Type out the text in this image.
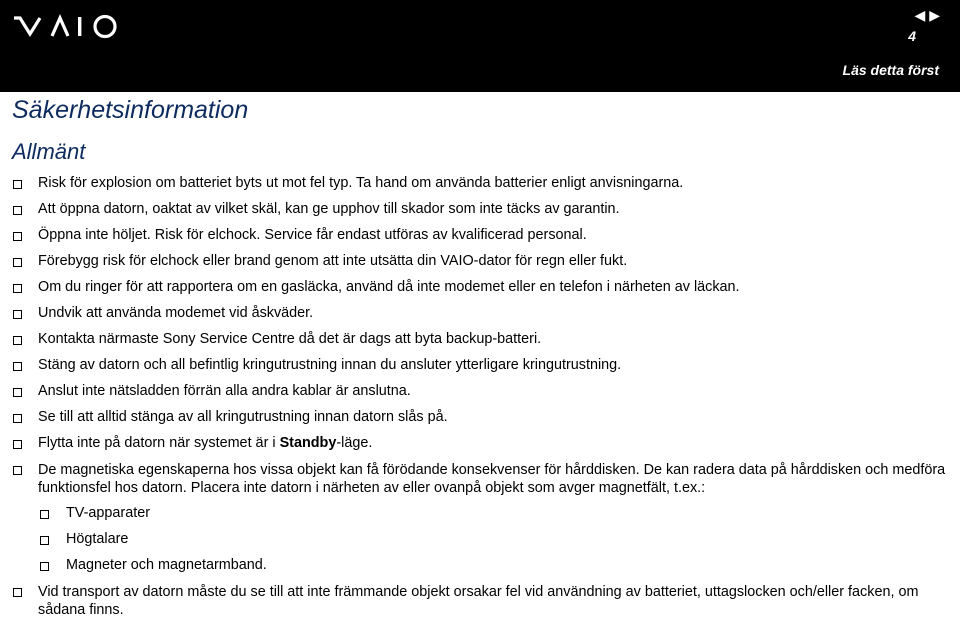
◀ ▶
4
Läs detta först
Säkerhetsinformation
Allmänt
Risk för explosion om batteriet byts ut mot fel typ. Ta hand om använda batterier enligt anvisningarna.
Att öppna datorn, oaktat av vilket skäl, kan ge upphov till skador som inte täcks av garantin.
Öppna inte höljet. Risk för elchock. Service får endast utföras av kvalificerad personal.
Förebygg risk för elchock eller brand genom att inte utsätta din VAIO-dator för regn eller fukt.
Om du ringer för att rapportera om en gasläcka, använd då inte modemet eller en telefon i närheten av läckan.
Undvik att använda modemet vid åskväder.
Kontakta närmaste Sony Service Centre då det är dags att byta backup-batteri.
Stäng av datorn och all befintlig kringutrustning innan du ansluter ytterligare kringutrustning.
Anslut inte nätsladden förrän alla andra kablar är anslutna.
Se till att alltid stänga av all kringutrustning innan datorn slås på.
Flytta inte på datorn när systemet är i Standby-läge.
De magnetiska egenskaperna hos vissa objekt kan få förödande konsekvenser för hårddisken. De kan radera data på hårddisken och medföra funktionsfel hos datorn. Placera inte datorn i närheten av eller ovanpå objekt som avger magnetfält, t.ex.:
TV-apparater
Högtalare
Magneter och magnetarmband.
Vid transport av datorn måste du se till att inte främmande objekt orsakar fel vid användning av batteriet, uttagslocken och/eller facken, om sådana finns.
